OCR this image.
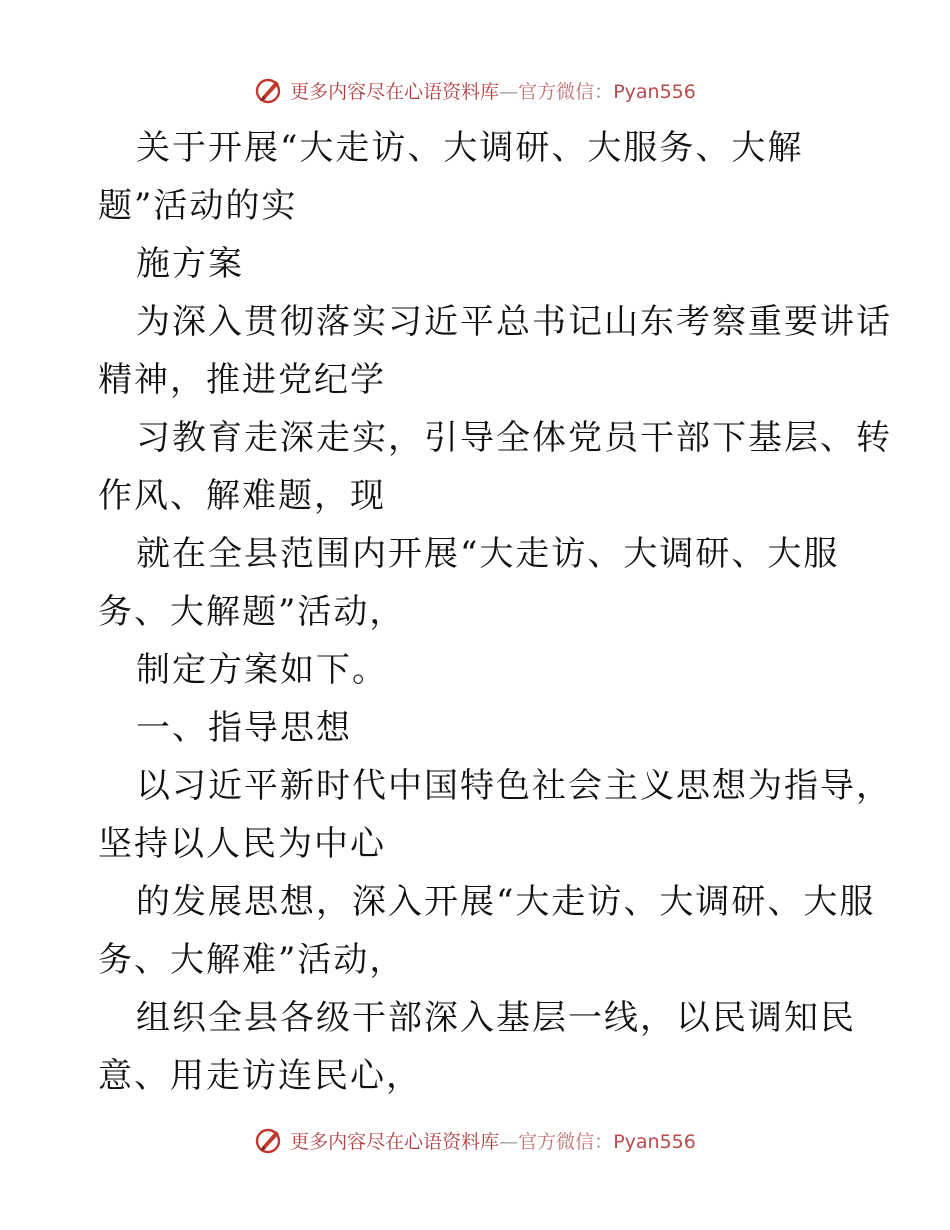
更多内容尽在心语资料库—官方微信：Pyan556
关于开展“大走访、大调研、大服务、大解
题”活动的实
施方案
为深入贯彻落实习近平总书记山东考察重要讲话
精神，推进党纪学
习教育走深走实，引导全体党员干部下基层、转
作风、解难题，现
就在全县范围内开展“大走访、大调研、大服
务、大解题”活动，
制定方案如下。
一、指导思想
以习近平新时代中国特色社会主义思想为指导，
坚持以人民为中心
的发展思想，深入开展“大走访、大调研、大服
务、大解难”活动，
组织全县各级干部深入基层一线，以民调知民
意、用走访连民心，
更多内容尽在心语资料库—官方微信：Pyan556
